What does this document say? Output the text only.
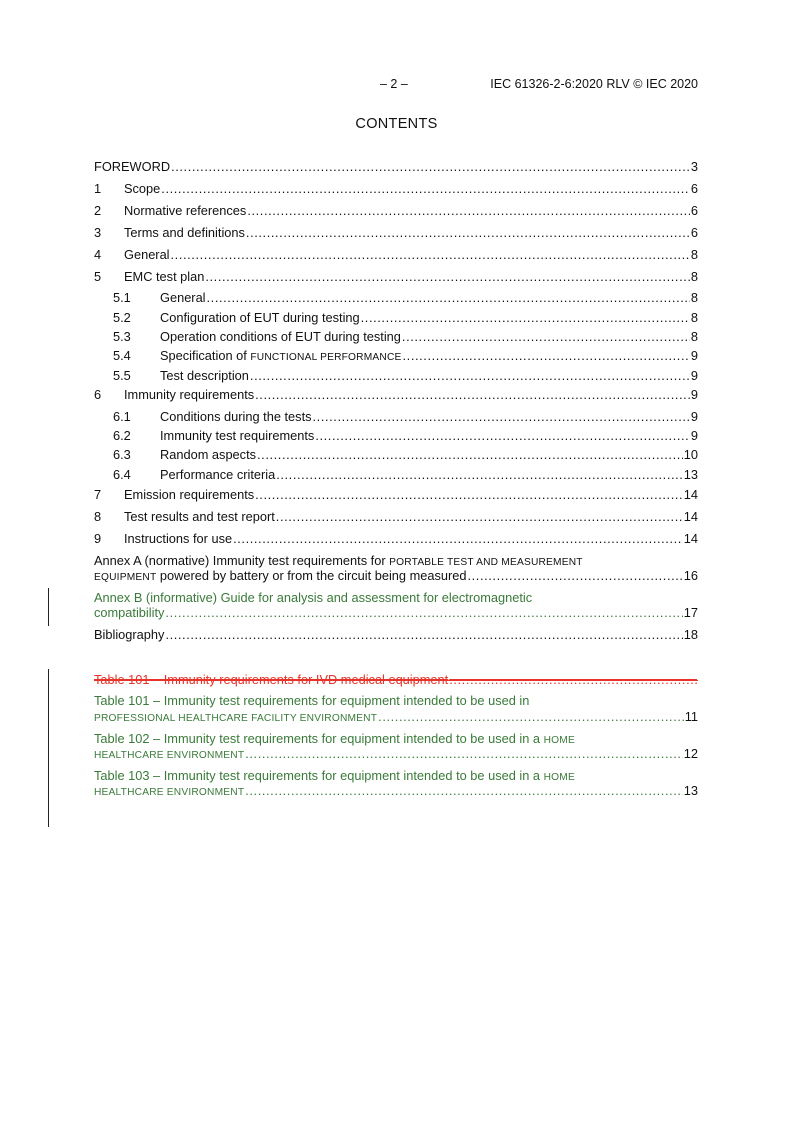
– 2 –	IEC 61326-2-6:2020 RLV © IEC 2020
CONTENTS
FOREWORD .....	3
1	Scope .....	6
2	Normative references .....	6
3	Terms and definitions .....	6
4	General .....	8
5	EMC test plan .....	8
5.1	General .....	8
5.2	Configuration of EUT during testing .....	8
5.3	Operation conditions of EUT during testing .....	8
5.4	Specification of FUNCTIONAL PERFORMANCE .....	9
5.5	Test description .....	9
6	Immunity requirements .....	9
6.1	Conditions during the tests .....	9
6.2	Immunity test requirements .....	9
6.3	Random aspects .....	10
6.4	Performance criteria .....	13
7	Emission requirements .....	14
8	Test results and test report .....	14
9	Instructions for use .....	14
Annex A (normative) Immunity test requirements for PORTABLE TEST AND MEASUREMENT
EQUIPMENT powered by battery or from the circuit being measured .....	16
Annex B (informative) Guide for analysis and assessment for electromagnetic
compatibility .....	17
Bibliography .....	18
Table 101 – Immunity requirements for IVD medical equipment
.....
Table 101 – Immunity test requirements for equipment intended to be used in
PROFESSIONAL HEALTHCARE FACILITY ENVIRONMENT .....	11
Table 102 – Immunity test requirements for equipment intended to be used in a HOME
HEALTHCARE ENVIRONMENT .....	12
Table 103 – Immunity test requirements for equipment intended to be used in a HOME
HEALTHCARE ENVIRONMENT .....	13
